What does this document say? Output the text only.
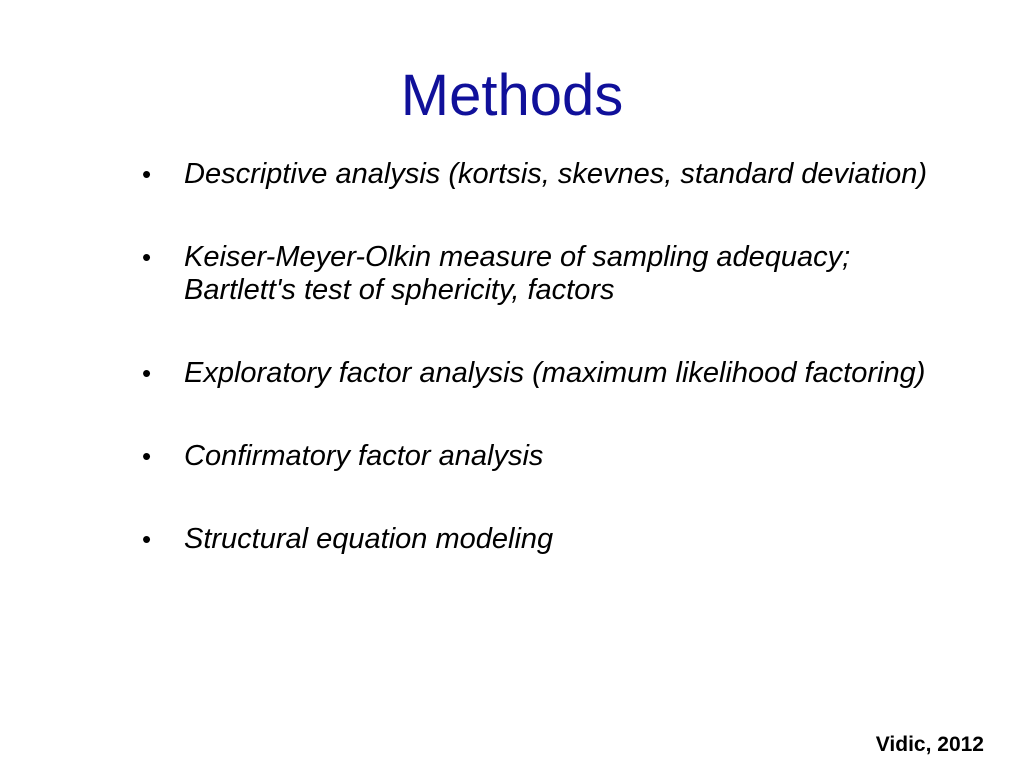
Methods
• Descriptive analysis (kortsis, skevnes, standard deviation)
• Keiser-Meyer-Olkin measure of sampling adequacy; Bartlett's test of sphericity, factors
• Exploratory factor analysis (maximum likelihood factoring)
• Confirmatory factor analysis
• Structural equation modeling
Vidic, 2012
